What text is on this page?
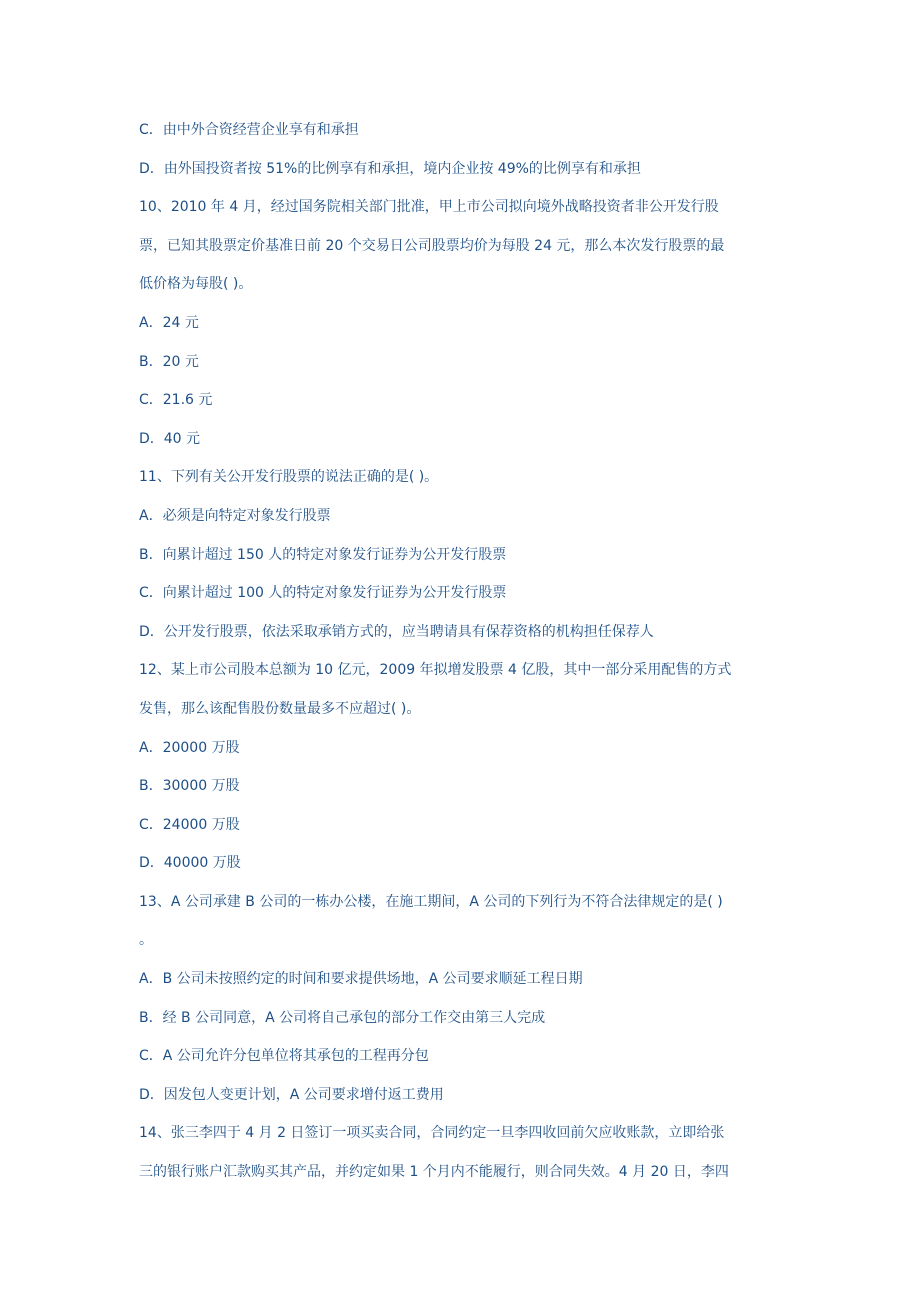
C．由中外合资经营企业享有和承担
D．由外国投资者按 51%的比例享有和承担，境内企业按 49%的比例享有和承担
10、2010 年 4 月，经过国务院相关部门批准，甲上市公司拟向境外战略投资者非公开发行股
票，已知其股票定价基准日前 20 个交易日公司股票均价为每股 24 元，那么本次发行股票的最
低价格为每股( )。
A．24 元
B．20 元
C．21.6 元
D．40 元
11、下列有关公开发行股票的说法正确的是( )。
A．必须是向特定对象发行股票
B．向累计超过 150 人的特定对象发行证券为公开发行股票
C．向累计超过 100 人的特定对象发行证券为公开发行股票
D．公开发行股票，依法采取承销方式的，应当聘请具有保荐资格的机构担任保荐人
12、某上市公司股本总额为 10 亿元，2009 年拟增发股票 4 亿股，其中一部分采用配售的方式
发售，那么该配售股份数量最多不应超过( )。
A．20000 万股
B．30000 万股
C．24000 万股
D．40000 万股
13、A 公司承建 B 公司的一栋办公楼，在施工期间，A 公司的下列行为不符合法律规定的是( )
。
A．B 公司未按照约定的时间和要求提供场地，A 公司要求顺延工程日期
B．经 B 公司同意，A 公司将自己承包的部分工作交由第三人完成
C．A 公司允许分包单位将其承包的工程再分包
D．因发包人变更计划，A 公司要求增付返工费用
14、张三李四于 4 月 2 日签订一项买卖合同，合同约定一旦李四收回前欠应收账款，立即给张
三的银行账户汇款购买其产品，并约定如果 1 个月内不能履行，则合同失效。4 月 20 日，李四
